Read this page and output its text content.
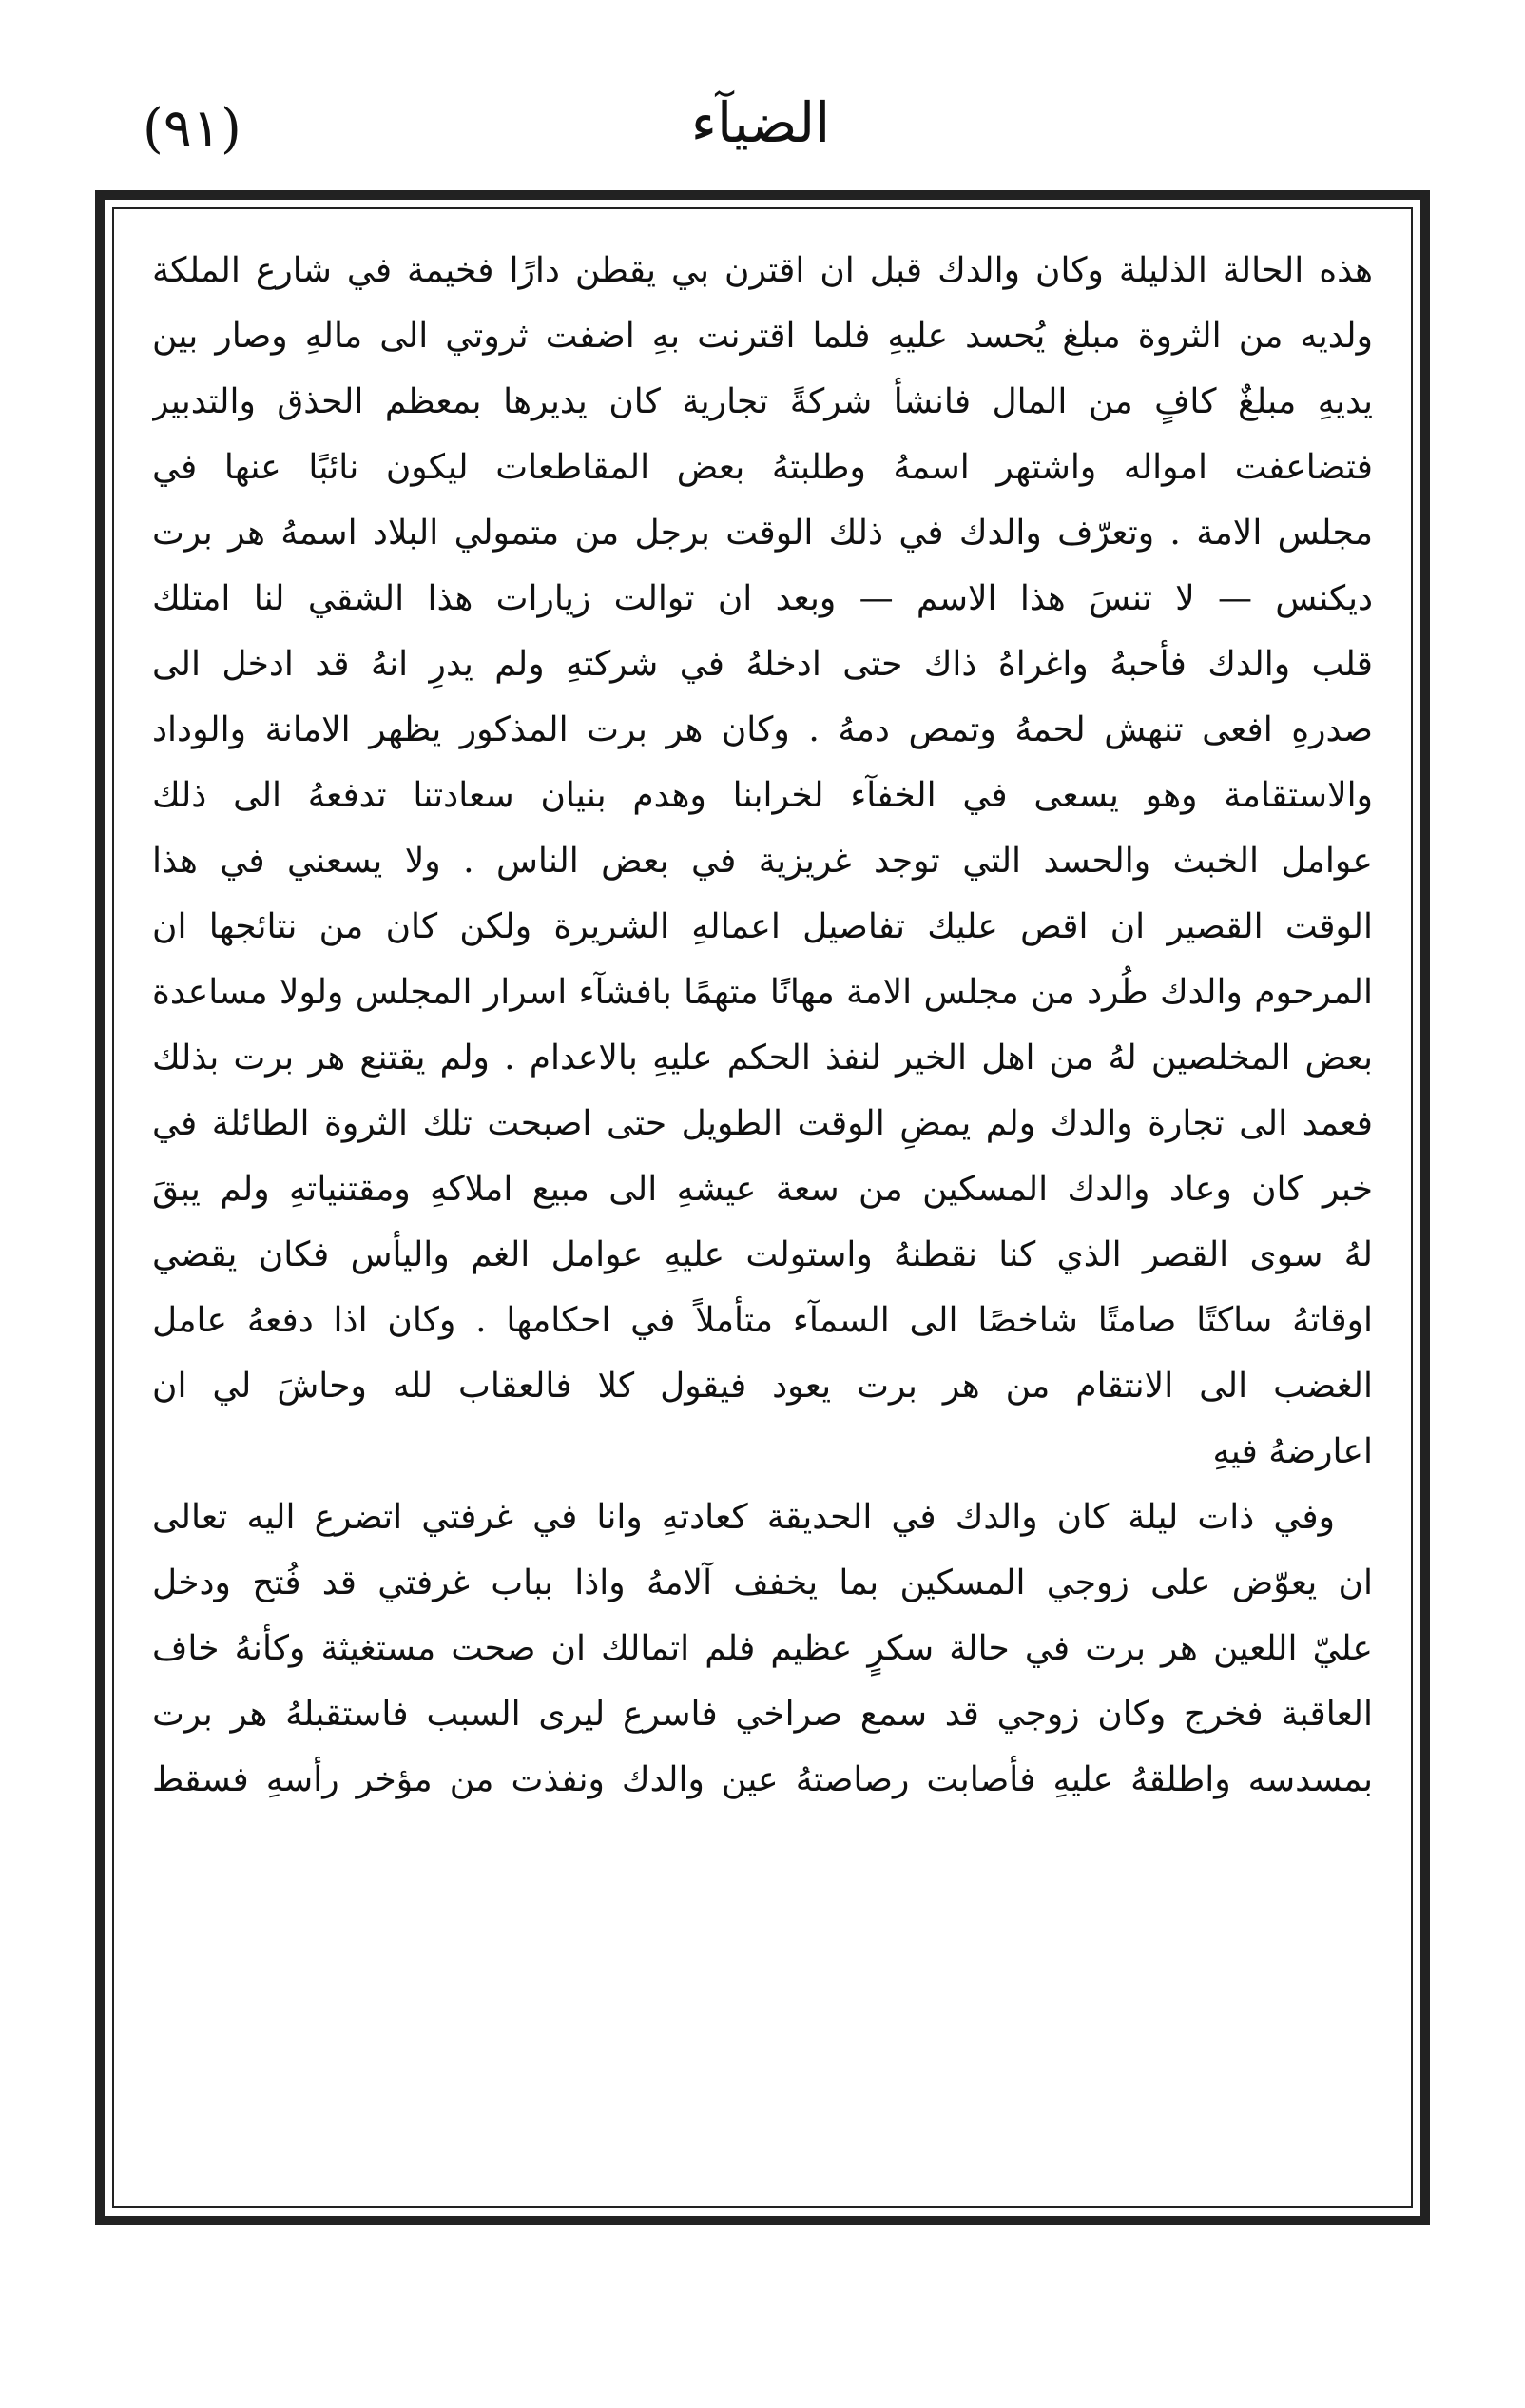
الضيآء
(٩١)
هذه الحالة الذليلة وكان والدك قبل ان اقترن بي يقطن دارًا فخيمة في شارع الملكة
ولديه من الثروة مبلغ يُحسد عليهِ فلما اقترنت بهِ اضفت ثروتي الى مالهِ وصار بين
يديهِ مبلغٌ كافٍ من المال فانشأ شركةً تجارية كان يديرها بمعظم الحذق والتدبير
فتضاعفت امواله واشتهر اسمهُ وطلبتهُ بعض المقاطعات ليكون نائبًا عنها في
مجلس الامة . وتعرّف والدك في ذلك الوقت برجل من متمولي البلاد اسمهُ هر برت
ديكنس — لا تنسَ هذا الاسم — وبعد ان توالت زيارات هذا الشقي لنا امتلك
قلب والدك فأحبهُ واغراهُ ذاك حتى ادخلهُ في شركتهِ ولم يدرِ انهُ قد ادخل الى
صدرهِ افعى تنهش لحمهُ وتمص دمهُ . وكان هر برت المذكور يظهر الامانة والوداد
والاستقامة وهو يسعى في الخفآء لخرابنا وهدم بنيان سعادتنا تدفعهُ الى ذلك
عوامل الخبث والحسد التي توجد غريزية في بعض الناس . ولا يسعني في هذا
الوقت القصير ان اقص عليك تفاصيل اعمالهِ الشريرة ولكن كان من نتائجها ان
المرحوم والدك طُرد من مجلس الامة مهانًا متهمًا بافشآء اسرار المجلس ولولا مساعدة
بعض المخلصين لهُ من اهل الخير لنفذ الحكم عليهِ بالاعدام . ولم يقتنع هر برت بذلك
فعمد الى تجارة والدك ولم يمضِ الوقت الطويل حتى اصبحت تلك الثروة الطائلة في
خبر كان وعاد والدك المسكين من سعة عيشهِ الى مبيع املاكهِ ومقتنياتهِ ولم يبقَ
لهُ سوى القصر الذي كنا نقطنهُ واستولت عليهِ عوامل الغم واليأس فكان يقضي
اوقاتهُ ساكتًا صامتًا شاخصًا الى السمآء متأملاً في احكامها . وكان اذا دفعهُ عامل
الغضب الى الانتقام من هر برت يعود فيقول كلا فالعقاب لله وحاشَ لي ان
اعارضهُ فيهِ
وفي ذات ليلة كان والدك في الحديقة كعادتهِ وانا في غرفتي اتضرع اليه تعالى
ان يعوّض على زوجي المسكين بما يخفف آلامهُ واذا بباب غرفتي قد فُتح ودخل
عليّ اللعين هر برت في حالة سكرٍ عظيم فلم اتمالك ان صحت مستغيثة وكأنهُ خاف
العاقبة فخرج وكان زوجي قد سمع صراخي فاسرع ليرى السبب فاستقبلهُ هر برت
بمسدسه واطلقهُ عليهِ فأصابت رصاصتهُ عين والدك ونفذت من مؤخر رأسهِ فسقط
